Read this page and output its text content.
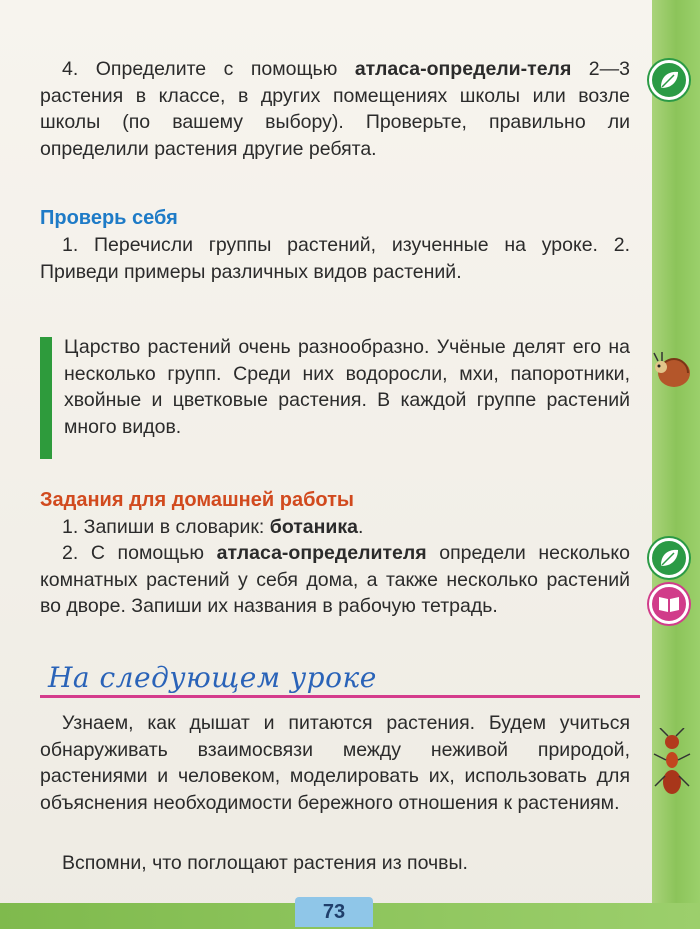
4. Определите с помощью атласа-определи-теля 2—3 растения в классе, в других помещениях школы или возле школы (по вашему выбору). Проверьте, правильно ли определили растения другие ребята.
Проверь себя
1. Перечисли группы растений, изученные на уроке. 2. Приведи примеры различных видов растений.
Царство растений очень разнообразно. Учёные делят его на несколько групп. Среди них водоросли, мхи, папоротники, хвойные и цветковые растения. В каждой группе растений много видов.
Задания для домашней работы
1. Запиши в словарик: ботаника.
2. С помощью атласа-определителя определи несколько комнатных растений у себя дома, а также несколько растений во дворе. Запиши их названия в рабочую тетрадь.
На следующем уроке
Узнаем, как дышат и питаются растения. Будем учиться обнаруживать взаимосвязи между неживой природой, растениями и человеком, моделировать их, использовать для объяснения необходимости бережного отношения к растениям.
Вспомни, что поглощают растения из почвы.
73
